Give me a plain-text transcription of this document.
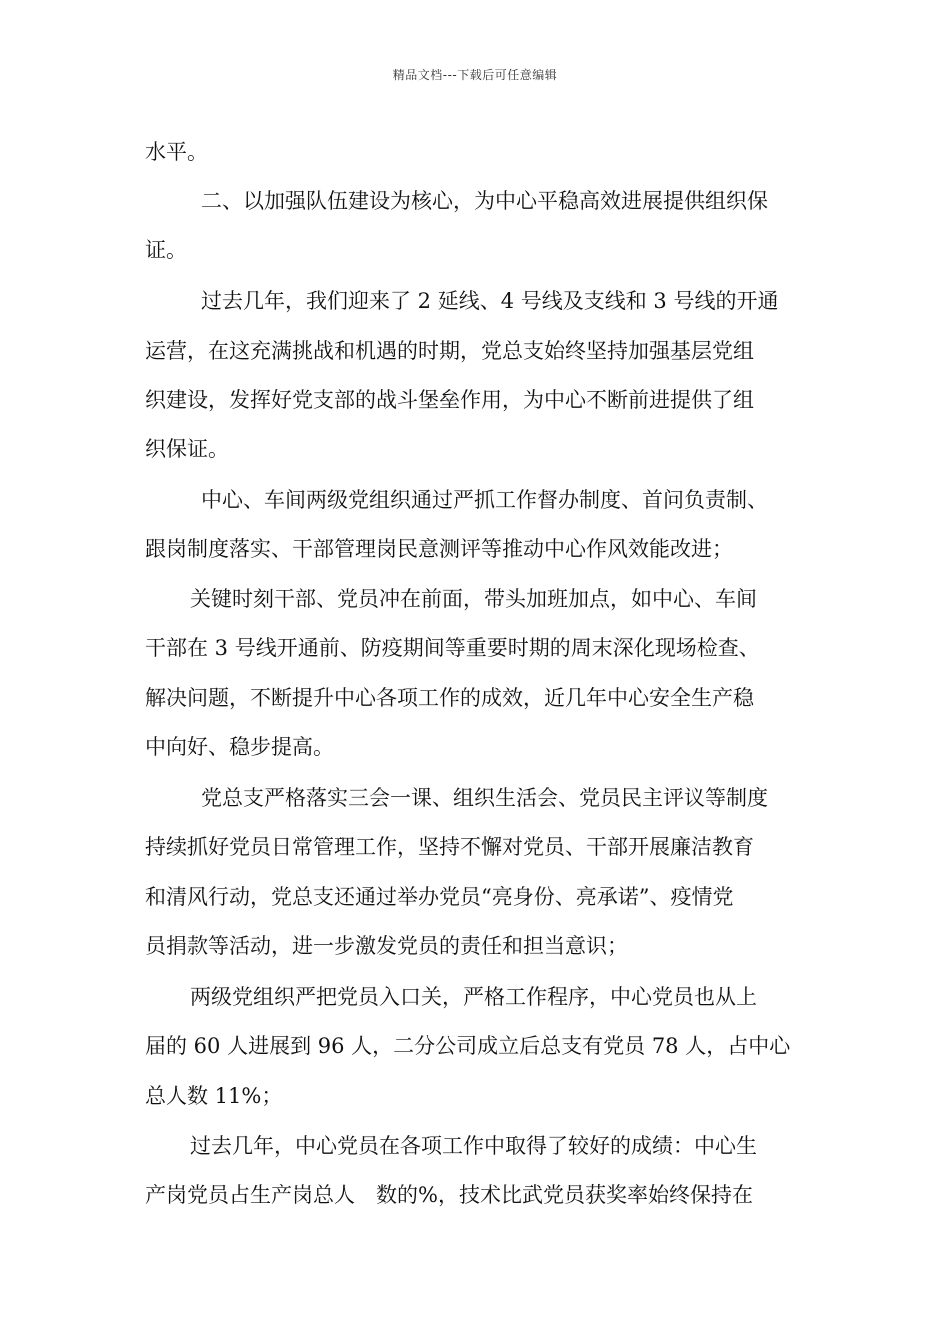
精品文档---下载后可任意编辑
水平。
二、以加强队伍建设为核心，为中心平稳高效进展提供组织保
证。
过去几年，我们迎来了 2 延线、4 号线及支线和 3 号线的开通
运营，在这充满挑战和机遇的时期，党总支始终坚持加强基层党组
织建设，发挥好党支部的战斗堡垒作用，为中心不断前进提供了组
织保证。
中心、车间两级党组织通过严抓工作督办制度、首问负责制、
跟岗制度落实、干部管理岗民意测评等推动中心作风效能改进；
关键时刻干部、党员冲在前面，带头加班加点，如中心、车间
干部在 3 号线开通前、防疫期间等重要时期的周末深化现场检查、
解决问题，不断提升中心各项工作的成效，近几年中心安全生产稳
中向好、稳步提高。
党总支严格落实三会一课、组织生活会、党员民主评议等制度
持续抓好党员日常管理工作，坚持不懈对党员、干部开展廉洁教育
和清风行动，党总支还通过举办党员“亮身份、亮承诺”、疫情党
员捐款等活动，进一步激发党员的责任和担当意识；
两级党组织严把党员入口关，严格工作程序，中心党员也从上
届的 60 人进展到 96 人，二分公司成立后总支有党员 78 人，占中心
总人数 11%；
过去几年，中心党员在各项工作中取得了较好的成绩：中心生
产岗党员占生产岗总人　数的%，技术比武党员获奖率始终保持在
